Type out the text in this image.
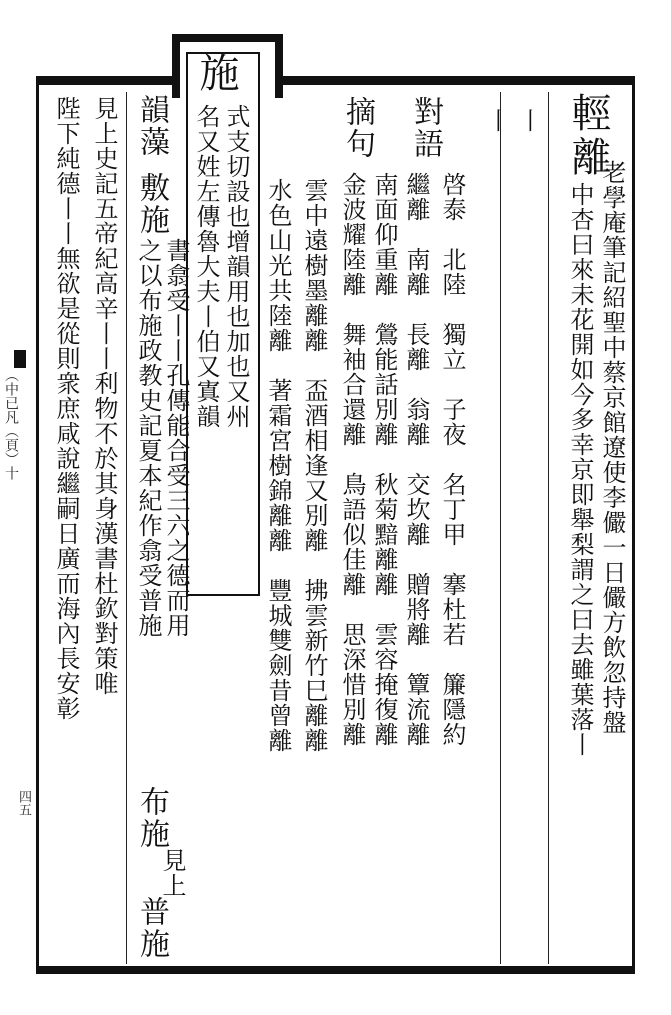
輕離
老學庵筆記紹聖中蔡京館遼使李儼一日儼方飲忽持盤
中杏曰來未花開如今多幸京即舉梨謂之曰去雖葉落丨
丨
丨
對語
啓泰　北陸　獨立　子夜　名丁甲　搴杜若　簾隱約
繼離　南離　長離　翁離　交坎離　贈將離　簟流離
摘句
南面仰重離　鶯能話別離　秋菊黯離離　雲容掩復離
金波耀陸離　舞袖合還離　鳥語似佳離　思深惜別離
雲中遠樹墨離離　盃酒相逢又別離　拂雲新竹巳離離
水色山光共陸離　著霜宮樹錦離離　豐城雙劍昔曾離
施
式支切設也增韻用也加也又州
名又姓左傳魯大夫丨伯又寘韻
韻藻
敷施
書翕受丨丨孔傳能合受三六之德而用
之以布施政教史記夏本紀作翕受普施
布施
見上
普施
見上史記五帝紀高辛丨丨利物不於其身漢書杜欽對策唯
陛下純德丨丨無欲是從則衆庶咸說繼嗣日廣而海內長安彰
（中已凡（頁）十
四五
